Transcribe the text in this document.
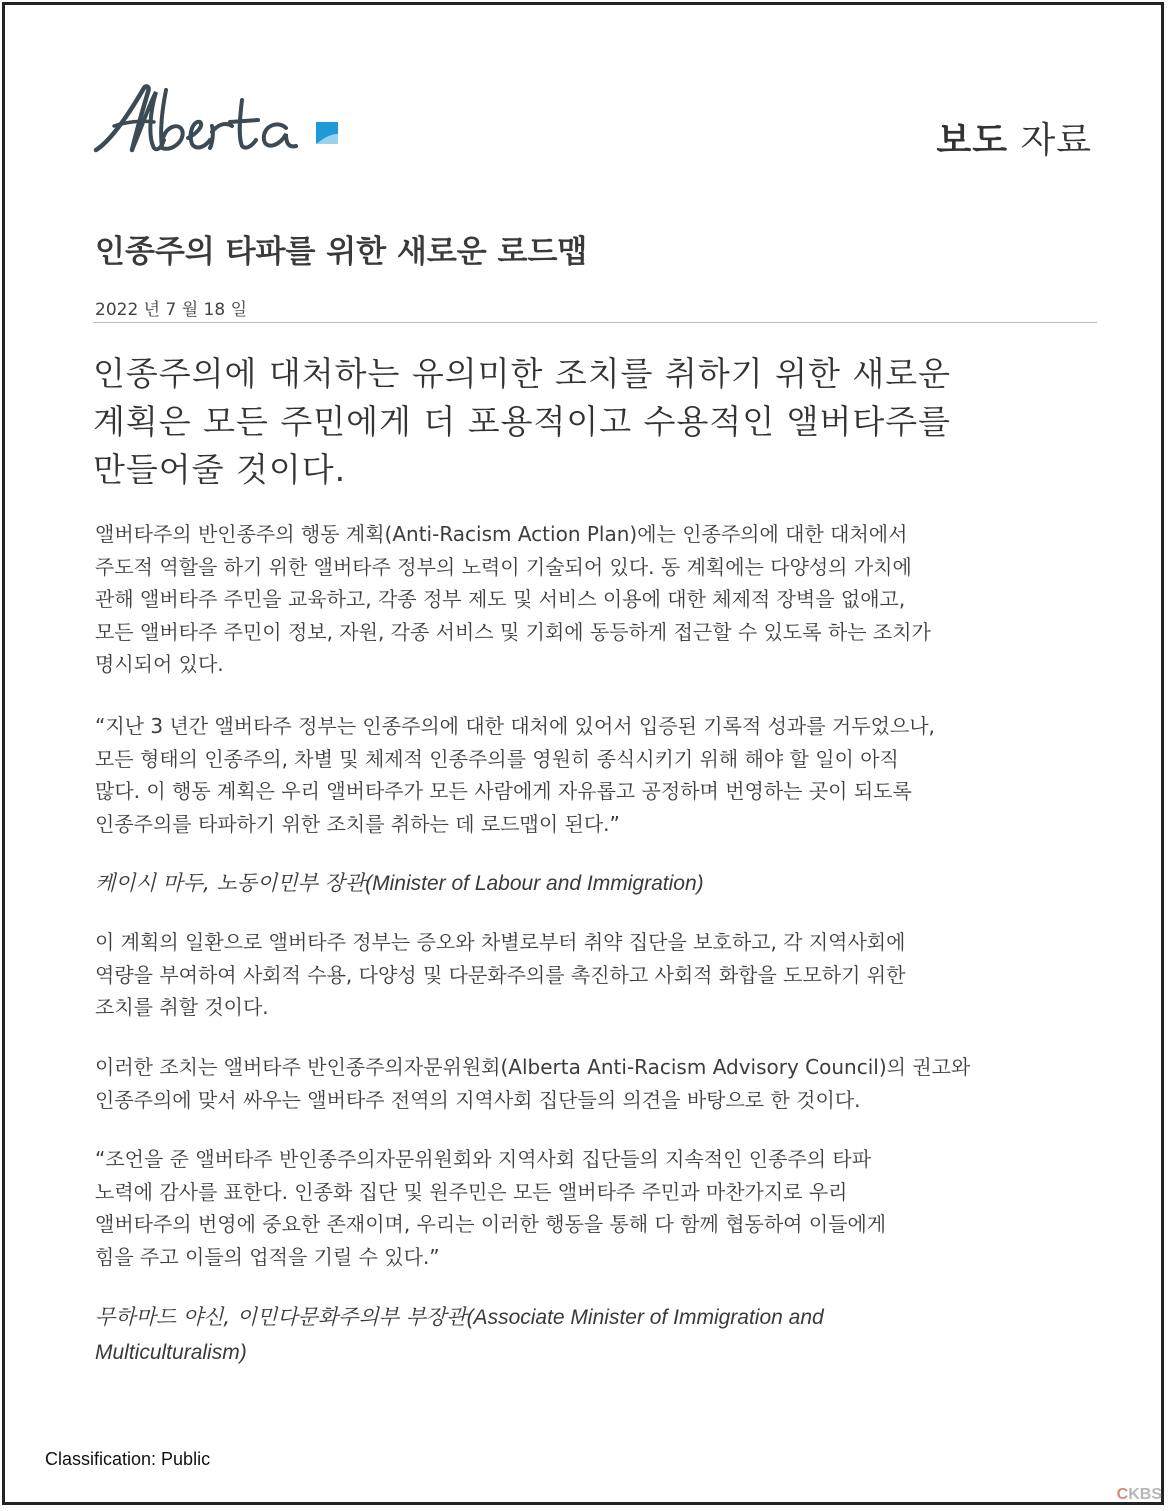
보도 자료
인종주의 타파를 위한 새로운 로드맵
2022 년 7 월 18 일

인종주의에 대처하는 유의미한 조치를 취하기 위한 새로운
계획은 모든 주민에게 더 포용적이고 수용적인 앨버타주를
만들어줄 것이다.

앨버타주의 반인종주의 행동 계획(Anti-Racism Action Plan)에는 인종주의에 대한 대처에서
주도적 역할을 하기 위한 앨버타주 정부의 노력이 기술되어 있다. 동 계획에는 다양성의 가치에
관해 앨버타주 주민을 교육하고, 각종 정부 제도 및 서비스 이용에 대한 체제적 장벽을 없애고,
모든 앨버타주 주민이 정보, 자원, 각종 서비스 및 기회에 동등하게 접근할 수 있도록 하는 조치가
명시되어 있다.

“지난 3 년간 앨버타주 정부는 인종주의에 대한 대처에 있어서 입증된 기록적 성과를 거두었으나,
모든 형태의 인종주의, 차별 및 체제적 인종주의를 영원히 종식시키기 위해 해야 할 일이 아직
많다. 이 행동 계획은 우리 앨버타주가 모든 사람에게 자유롭고 공정하며 번영하는 곳이 되도록
인종주의를 타파하기 위한 조치를 취하는 데 로드맵이 된다.”

케이시 마두, 노동이민부 장관(Minister of Labour and Immigration)

이 계획의 일환으로 앨버타주 정부는 증오와 차별로부터 취약 집단을 보호하고, 각 지역사회에
역량을 부여하여 사회적 수용, 다양성 및 다문화주의를 촉진하고 사회적 화합을 도모하기 위한
조치를 취할 것이다.

이러한 조치는 앨버타주 반인종주의자문위원회(Alberta Anti-Racism Advisory Council)의 권고와
인종주의에 맞서 싸우는 앨버타주 전역의 지역사회 집단들의 의견을 바탕으로 한 것이다.

“조언을 준 앨버타주 반인종주의자문위원회와 지역사회 집단들의 지속적인 인종주의 타파
노력에 감사를 표한다. 인종화 집단 및 원주민은 모든 앨버타주 주민과 마찬가지로 우리
앨버타주의 번영에 중요한 존재이며, 우리는 이러한 행동을 통해 다 함께 협동하여 이들에게
힘을 주고 이들의 업적을 기릴 수 있다.”

무하마드 야신, 이민다문화주의부 부장관(Associate Minister of Immigration and
Multiculturalism)

Classification: Public
CKBS
